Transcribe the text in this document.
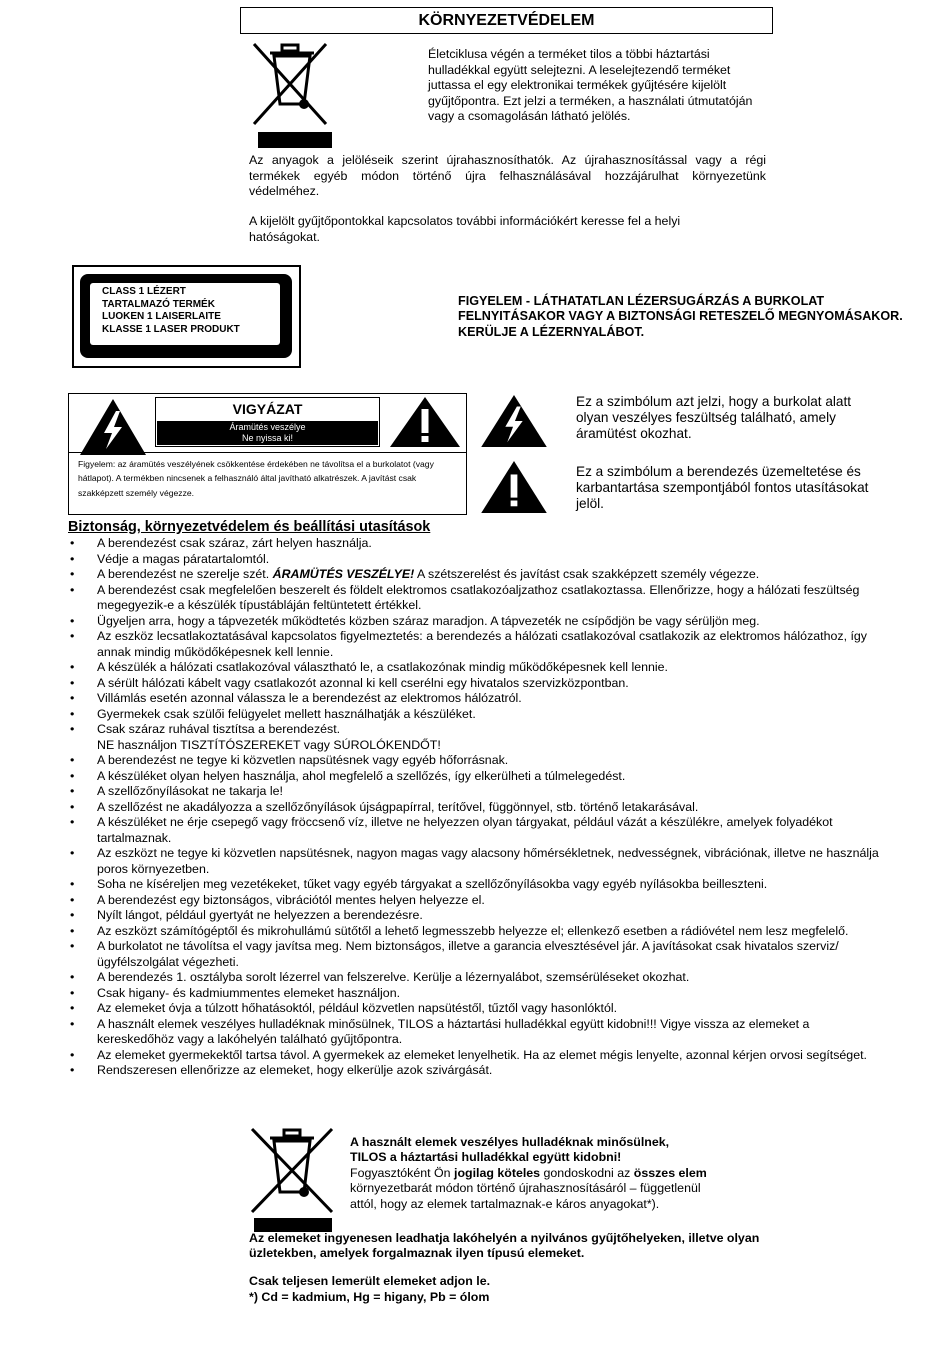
KÖRNYEZETVÉDELEM
Életciklusa végén a terméket tilos a többi háztartási hulladékkal együtt selejtezni. A leselejtezendő terméket juttassa el egy elektronikai termékek gyűjtésére kijelölt gyűjtőpontra. Ezt jelzi a terméken, a használati útmutatóján vagy a csomagolásán látható jelölés.
Az anyagok a jelöléseik szerint újrahasznosíthatók. Az újrahasznosítással vagy a régi termékek egyéb módon történő újra felhasználásával hozzájárulhat környezetünk védelméhez.
A kijelölt gyűjtőpontokkal kapcsolatos további információkért keresse fel a helyi hatóságokat.
CLASS 1 LÉZERT
TARTALMAZÓ TERMÉK
LUOKEN 1 LAISERLAITE
KLASSE 1 LASER PRODUKT
FIGYELEM - LÁTHATATLAN LÉZERSUGÁRZÁS A BURKOLAT FELNYITÁSAKOR VAGY A BIZTONSÁGI RETESZELŐ MEGNYOMÁSAKOR. KERÜLJE A LÉZERNYALÁBOT.
VIGYÁZAT
Áramütés veszélye
Ne nyissa ki!
Figyelem: az áramütés veszélyének csökkentése érdekében ne távolítsa el a burkolatot (vagy hátlapot). A termékben nincsenek a felhasználó által javítható alkatrészek. A javítást csak szakképzett személy végezze.
Ez a szimbólum azt jelzi, hogy a burkolat alatt olyan veszélyes feszültség található, amely áramütést okozhat.
Ez a szimbólum a berendezés üzemeltetése és karbantartása szempontjából fontos utasításokat jelöl.
Biztonság, környezetvédelem és beállítási utasítások
• A berendezést csak száraz, zárt helyen használja.
• Védje a magas páratartalomtól.
• A berendezést ne szerelje szét. ÁRAMÜTÉS VESZÉLYE! A szétszerelést és javítást csak szakképzett személy végezze.
• A berendezést csak megfelelően beszerelt és földelt elektromos csatlakozóaljzathoz csatlakoztassa. Ellenőrizze, hogy a hálózati feszültség megegyezik-e a készülék típustábláján feltüntetett értékkel.
• Ügyeljen arra, hogy a tápvezeték működtetés közben száraz maradjon. A tápvezeték ne csípődjön be vagy sérüljön meg.
• Az eszköz lecsatlakoztatásával kapcsolatos figyelmeztetés: a berendezés a hálózati csatlakozóval csatlakozik az elektromos hálózathoz, így annak mindig működőképesnek kell lennie.
• A készülék a hálózati csatlakozóval választható le, a csatlakozónak mindig működőképesnek kell lennie.
• A sérült hálózati kábelt vagy csatlakozót azonnal ki kell cserélni egy hivatalos szervizközpontban.
• Villámlás esetén azonnal válassza le a berendezést az elektromos hálózatról.
• Gyermekek csak szülői felügyelet mellett használhatják a készüléket.
• Csak száraz ruhával tisztítsa a berendezést.
NE használjon TISZTÍTÓSZEREKET vagy SÚROLÓKENDŐT!
• A berendezést ne tegye ki közvetlen napsütésnek vagy egyéb hőforrásnak.
• A készüléket olyan helyen használja, ahol megfelelő a szellőzés, így elkerülheti a túlmelegedést.
• A szellőzőnyílásokat ne takarja le!
• A szellőzést ne akadályozza a szellőzőnyílások újságpapírral, terítővel, függönnyel, stb. történő letakarásával.
• A készüléket ne érje csepegő vagy fröccsenő víz, illetve ne helyezzen olyan tárgyakat, például vázát a készülékre, amelyek folyadékot tartalmaznak.
• Az eszközt ne tegye ki közvetlen napsütésnek, nagyon magas vagy alacsony hőmérsékletnek, nedvességnek, vibrációnak, illetve ne használja poros környezetben.
• Soha ne kíséreljen meg vezetékeket, tűket vagy egyéb tárgyakat a szellőzőnyílásokba vagy egyéb nyílásokba beilleszteni.
• A berendezést egy biztonságos, vibrációtól mentes helyen helyezze el.
• Nyílt lángot, például gyertyát ne helyezzen a berendezésre.
• Az eszközt számítógéptől és mikrohullámú sütőtől a lehető legmesszebb helyezze el; ellenkező esetben a rádióvétel nem lesz megfelelő.
• A burkolatot ne távolítsa el vagy javítsa meg. Nem biztonságos, illetve a garancia elvesztésével jár. A javításokat csak hivatalos szerviz/ügyfélszolgálat végezheti.
• A berendezés 1. osztályba sorolt lézerrel van felszerelve. Kerülje a lézernyalábot, szemsérüléseket okozhat.
• Csak higany- és kadmiummentes elemeket használjon.
• Az elemeket óvja a túlzott hőhatásoktól, például közvetlen napsütéstől, tűztől vagy hasonlóktól.
• A használt elemek veszélyes hulladéknak minősülnek, TILOS a háztartási hulladékkal együtt kidobni!!! Vigye vissza az elemeket a kereskedőhöz vagy a lakóhelyén található gyűjtőpontra.
• Az elemeket gyermekektől tartsa távol. A gyermekek az elemeket lenyelhetik. Ha az elemet mégis lenyelte, azonnal kérjen orvosi segítséget.
• Rendszeresen ellenőrizze az elemeket, hogy elkerülje azok szivárgását.
A használt elemek veszélyes hulladéknak minősülnek,
TILOS a háztartási hulladékkal együtt kidobni!
Fogyasztóként Ön jogilag köteles gondoskodni az összes elem környezetbarát módon történő újrahasznosításáról – függetlenül attól, hogy az elemek tartalmaznak-e káros anyagokat*).
Az elemeket ingyenesen leadhatja lakóhelyén a nyilvános gyűjtőhelyeken, illetve olyan üzletekben, amelyek forgalmaznak ilyen típusú elemeket.
Csak teljesen lemerült elemeket adjon le.
*) Cd = kadmium, Hg = higany, Pb = ólom
